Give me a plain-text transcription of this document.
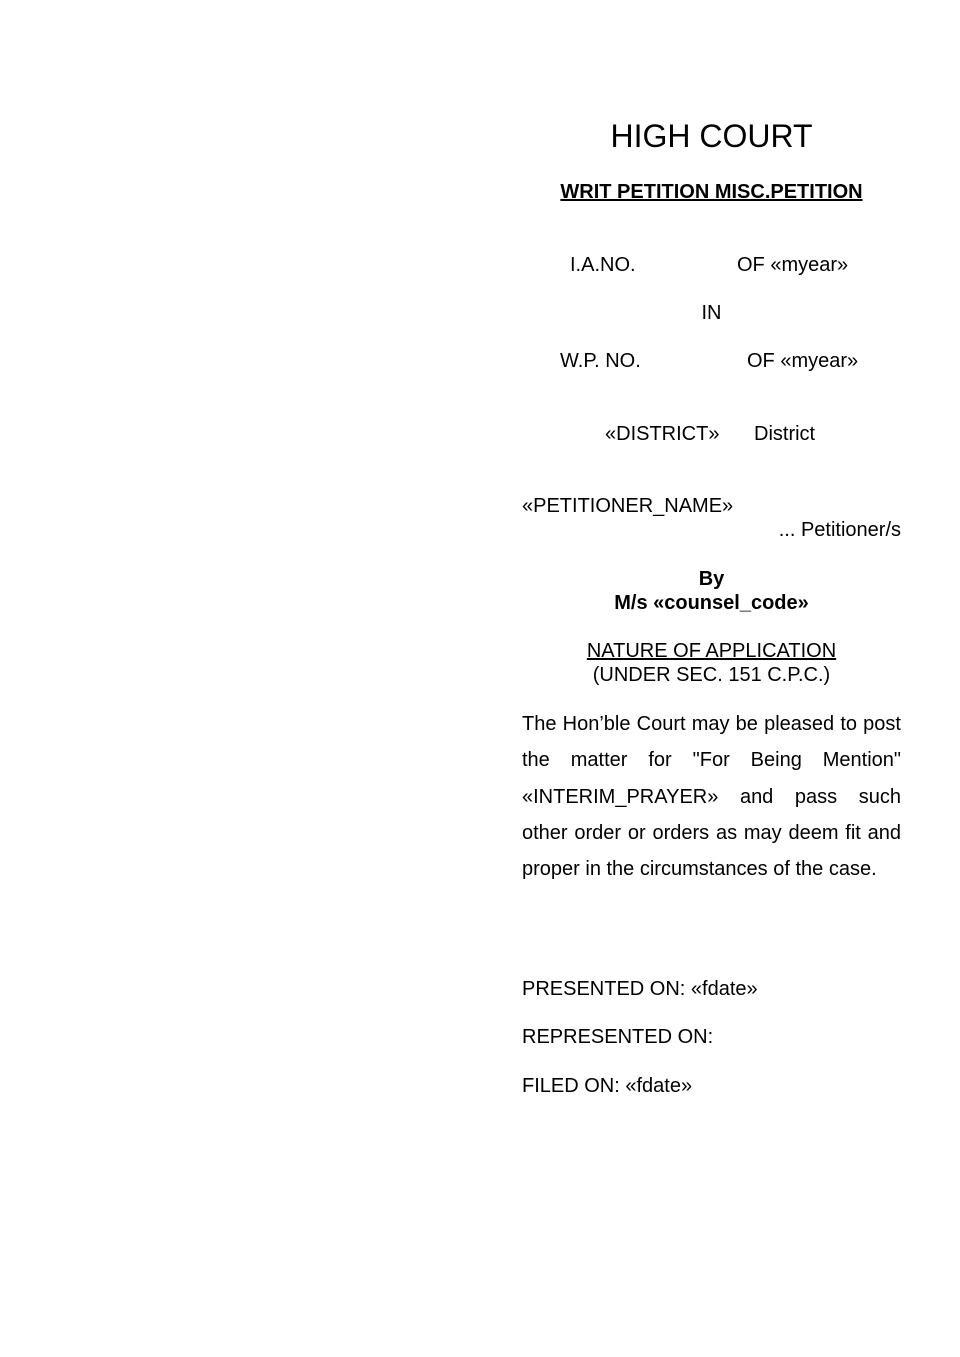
HIGH COURT
WRIT PETITION MISC.PETITION
I.A.NO.	OF «myear»
IN
W.P. NO.	OF «myear»
«DISTRICT» District
«PETITIONER_NAME»
... Petitioner/s
By
M/s «counsel_code»
NATURE OF APPLICATION
(UNDER SEC. 151 C.P.C.)
The Hon’ble Court may be pleased to post the matter for "For Being Mention" «INTERIM_PRAYER» and pass such other order or orders as may deem fit and proper in the circumstances of the case.
PRESENTED ON: «fdate»
REPRESENTED ON:
FILED ON: «fdate»
